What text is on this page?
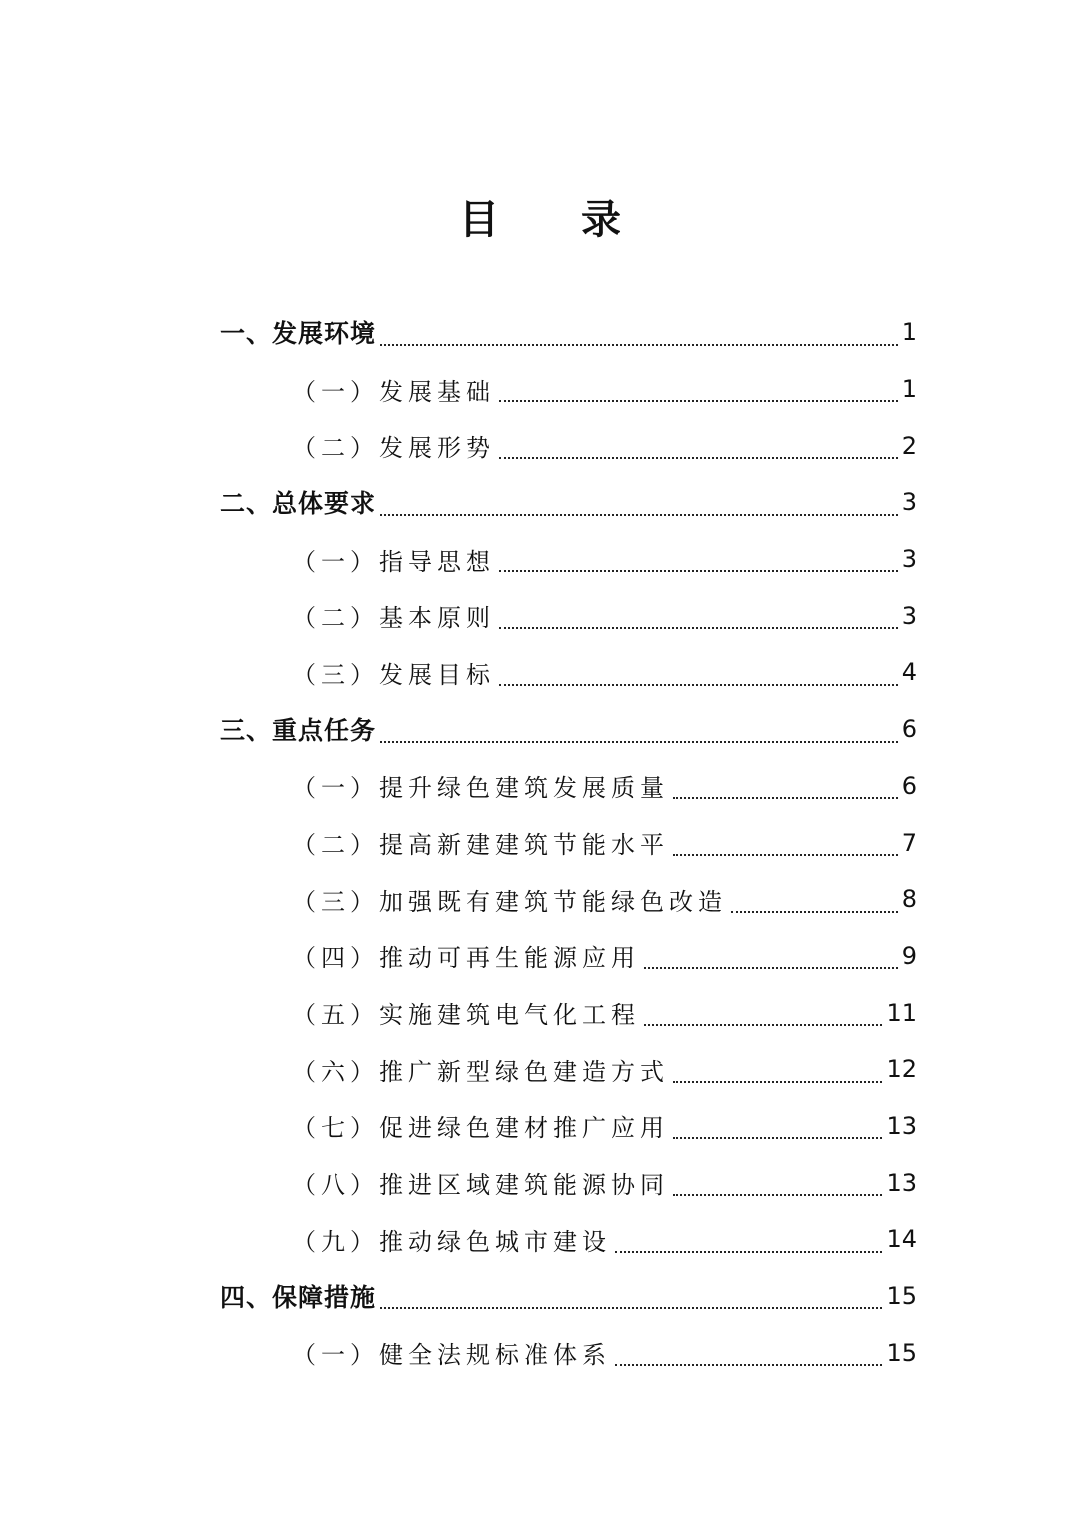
目 录
一、发展环境	1
（一）发展基础	1
（二）发展形势	2
二、总体要求	3
（一）指导思想	3
（二）基本原则	3
（三）发展目标	4
三、重点任务	6
（一）提升绿色建筑发展质量	6
（二）提高新建建筑节能水平	7
（三）加强既有建筑节能绿色改造	8
（四）推动可再生能源应用	9
（五）实施建筑电气化工程	11
（六）推广新型绿色建造方式	12
（七）促进绿色建材推广应用	13
（八）推进区域建筑能源协同	13
（九）推动绿色城市建设	14
四、保障措施	15
（一）健全法规标准体系	15
